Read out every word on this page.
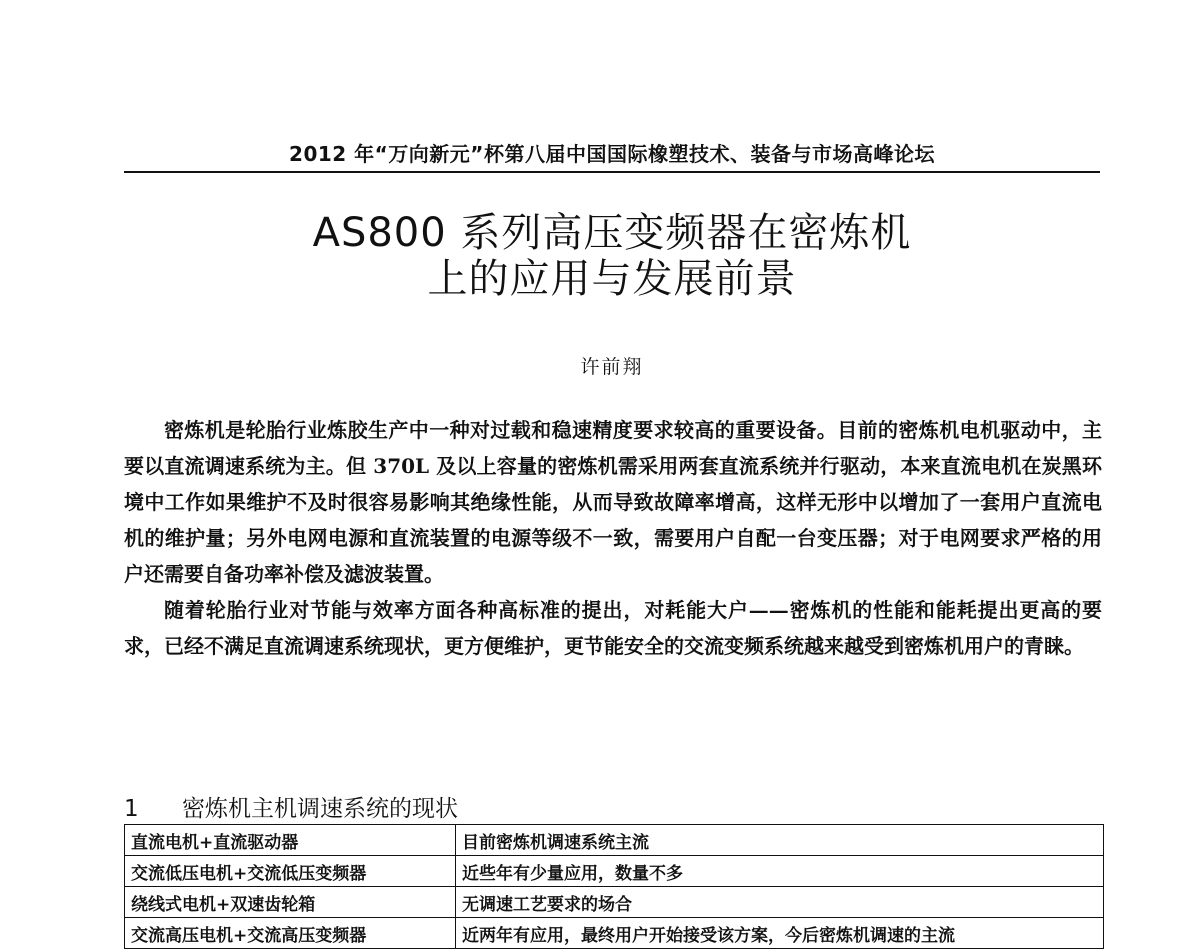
2012 年“万向新元”杯第八届中国国际橡塑技术、装备与市场高峰论坛
AS800 系列高压变频器在密炼机
上的应用与发展前景
许前翔

密炼机是轮胎行业炼胶生产中一种对过载和稳速精度要求较高的重要设备。目前的密炼机电机驱动中，主要以直流调速系统为主。但 370L 及以上容量的密炼机需采用两套直流系统并行驱动，本来直流电机在炭黑环境中工作如果维护不及时很容易影响其绝缘性能，从而导致故障率增高，这样无形中以增加了一套用户直流电机的维护量；另外电网电源和直流装置的电源等级不一致，需要用户自配一台变压器；对于电网要求严格的用户还需要自备功率补偿及滤波装置。

随着轮胎行业对节能与效率方面各种高标准的提出，对耗能大户——密炼机的性能和能耗提出更高的要求，已经不满足直流调速系统现状，更方便维护，更节能安全的交流变频系统越来越受到密炼机用户的青睐。

1 密炼机主机调速系统的现状
直流电机+直流驱动器	目前密炼机调速系统主流
交流低压电机+交流低压变频器	近些年有少量应用，数量不多
绕线式电机+双速齿轮箱	无调速工艺要求的场合
交流高压电机+交流高压变频器	近两年有应用，最终用户开始接受该方案，今后密炼机调速的主流
